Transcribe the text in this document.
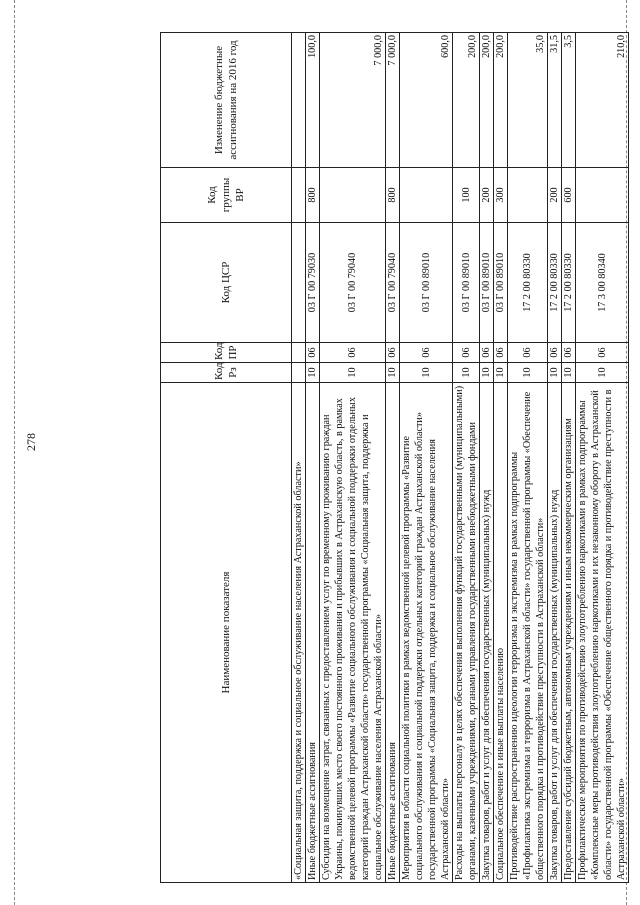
278
Наименование показателя	Код Рз	Код ПР	Код ЦСР	Код группы ВР	Изменение бюджетные ассигнования на 2016 год
«Социальная защита, поддержка и социальное обслуживание населения Астраханской области»					
Иные бюджетные ассигнования	10	06	03 Г 00 79030	800	100,0
Субсидии на возмещение затрат, связанных с предоставлением услуг по временному проживанию граждан Украины, покинувших место своего постоянного проживания и прибывших в Астраханскую область, в рамках ведомственной целевой программы «Развитие социального обслуживания и социальной поддержки отдельных категорий граждан Астраханской области» государственной программы «Социальная защита, поддержка и социальное обслуживание населения Астраханской области»	10	06	03 Г 00 79040		7 000,0
Иные бюджетные ассигнования	10	06	03 Г 00 79040	800	7 000,0
Мероприятия в области социальной политики в рамках ведомственной целевой программы «Развитие социального обслуживания и социальной поддержки отдельных категорий граждан Астраханской области» государственной программы «Социальная защита, поддержка и социальное обслуживание населения Астраханской области»	10	06	03 Г 00 89010		600,0
Расходы на выплаты персоналу в целях обеспечения выполнения функций государственными (муниципальными) органами, казенными учреждениями, органами управления государственными внебюджетными фондами	10	06	03 Г 00 89010	100	200,0
Закупка товаров, работ и услуг для обеспечения государственных (муниципальных) нужд	10	06	03 Г 00 89010	200	200,0
Социальное обеспечение и иные выплаты населению	10	06	03 Г 00 89010	300	200,0
Противодействие распространению идеологии терроризма и экстремизма в рамках подпрограммы «Профилактика экстремизма и терроризма в Астраханской области» государственной программы «Обеспечение общественного порядка и противодействие преступности в Астраханской области»	10	06	17 2 00 80330		35,0
Закупка товаров, работ и услуг для обеспечения государственных (муниципальных) нужд	10	06	17 2 00 80330	200	31,5
Предоставление субсидий бюджетным, автономным учреждениям и иным некоммерческим организациям	10	06	17 2 00 80330	600	3,5
Профилактические мероприятия по противодействию злоупотреблению наркотиками в рамках подпрограммы «Комплексные меры противодействия злоупотреблению наркотиками и их незаконному обороту в Астраханской области» государственной программы «Обеспечение общественного порядка и противодействие преступности в Астраханской области»	10	06	17 3 00 80340		210,0
